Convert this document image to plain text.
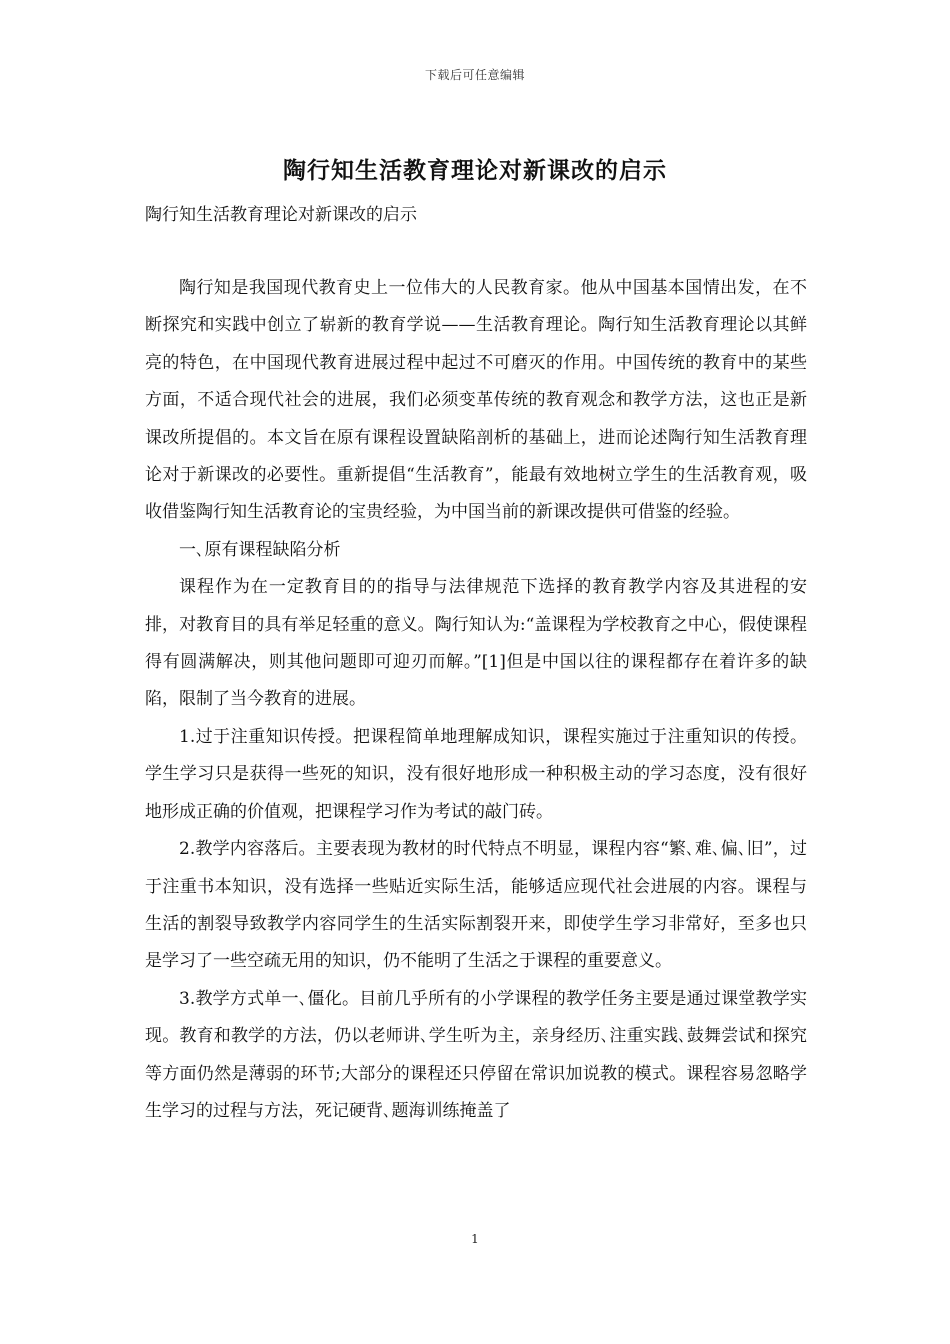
下载后可任意编辑
陶行知生活教育理论对新课改的启示
陶行知生活教育理论对新课改的启示

陶行知是我国现代教育史上一位伟大的人民教育家。他从中国基本国情出发，在不断探究和实践中创立了崭新的教育学说——生活教育理论。陶行知生活教育理论以其鲜亮的特色，在中国现代教育进展过程中起过不可磨灭的作用。中国传统的教育中的某些方面，不适合现代社会的进展，我们必须变革传统的教育观念和教学方法，这也正是新课改所提倡的。本文旨在原有课程设置缺陷剖析的基础上，进而论述陶行知生活教育理论对于新课改的必要性。重新提倡“生活教育”，能最有效地树立学生的生活教育观，吸收借鉴陶行知生活教育论的宝贵经验，为中国当前的新课改提供可借鉴的经验。

一､原有课程缺陷分析

课程作为在一定教育目的的指导与法律规范下选择的教育教学内容及其进程的安排，对教育目的具有举足轻重的意义。陶行知认为:“盖课程为学校教育之中心，假使课程得有圆满解决，则其他问题即可迎刃而解。”[1]但是中国以往的课程都存在着许多的缺陷，限制了当今教育的进展。

1.过于注重知识传授。把课程简单地理解成知识，课程实施过于注重知识的传授。学生学习只是获得一些死的知识，没有很好地形成一种积极主动的学习态度，没有很好地形成正确的价值观，把课程学习作为考试的敲门砖。

2.教学内容落后。主要表现为教材的时代特点不明显，课程内容“繁､难､偏､旧”，过于注重书本知识，没有选择一些贴近实际生活，能够适应现代社会进展的内容。课程与生活的割裂导致教学内容同学生的生活实际割裂开来，即使学生学习非常好，至多也只是学习了一些空疏无用的知识，仍不能明了生活之于课程的重要意义。

3.教学方式单一､僵化。目前几乎所有的小学课程的教学任务主要是通过课堂教学实现。教育和教学的方法，仍以老师讲､学生听为主，亲身经历､注重实践､鼓舞尝试和探究等方面仍然是薄弱的环节;大部分的课程还只停留在常识加说教的模式。课程容易忽略学生学习的过程与方法，死记硬背､题海训练掩盖了

1
